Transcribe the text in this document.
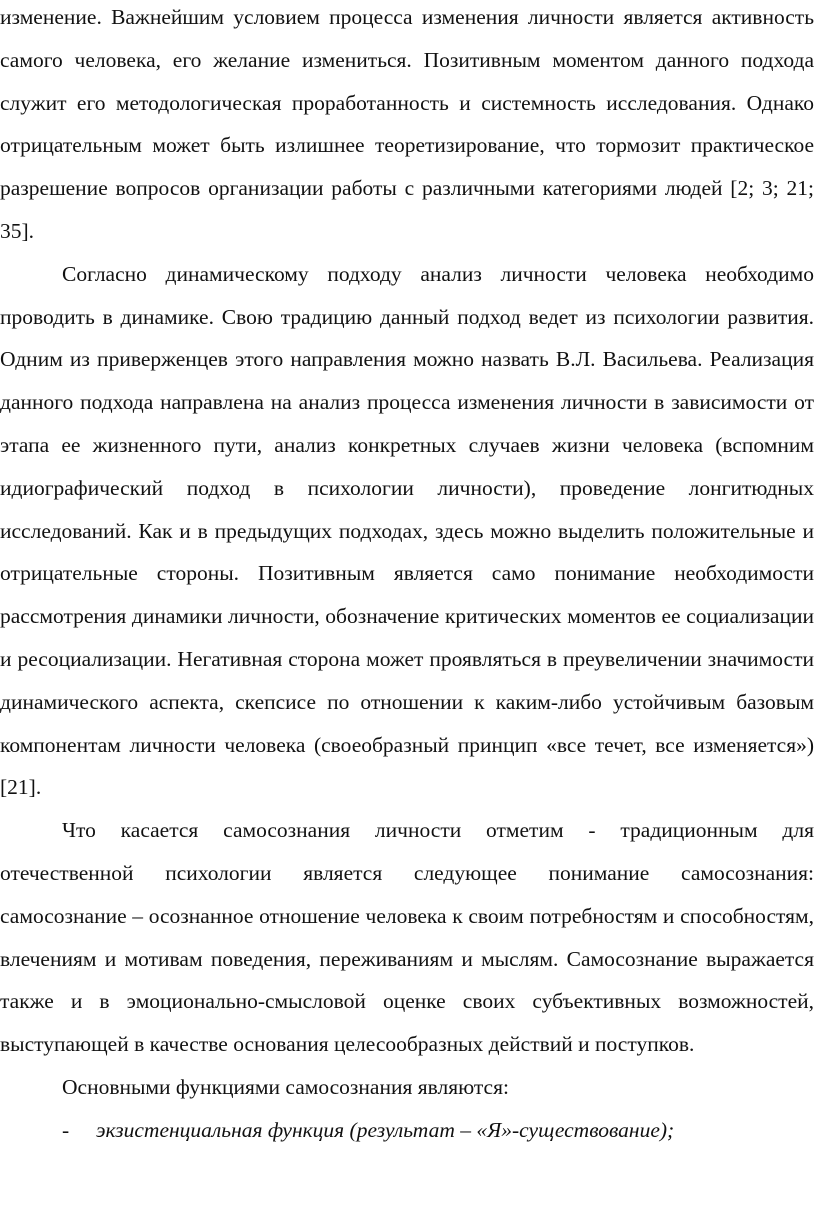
изменение. Важнейшим условием процесса изменения личности является активность самого человека, его желание измениться. Позитивным моментом данного подхода служит его методологическая проработанность и системность исследования. Однако отрицательным может быть излишнее теоретизирование, что тормозит практическое разрешение вопросов организации работы с различными категориями людей [2; 3; 21; 35].

Согласно динамическому подходу анализ личности человека необходимо проводить в динамике. Свою традицию данный подход ведет из психологии развития. Одним из приверженцев этого направления можно назвать В.Л. Васильева. Реализация данного подхода направлена на анализ процесса изменения личности в зависимости от этапа ее жизненного пути, анализ конкретных случаев жизни человека (вспомним идиографический подход в психологии личности), проведение лонгитюдных исследований. Как и в предыдущих подходах, здесь можно выделить положительные и отрицательные стороны. Позитивным является само понимание необходимости рассмотрения динамики личности, обозначение критических моментов ее социализации и ресоциализации. Негативная сторона может проявляться в преувеличении значимости динамического аспекта, скепсисе по отношении к каким-либо устойчивым базовым компонентам личности человека (своеобразный принцип «все течет, все изменяется») [21].

Что касается самосознания личности отметим - традиционным для отечественной психологии является следующее понимание самосознания: самосознание – осознанное отношение человека к своим потребностям и способностям, влечениям и мотивам поведения, переживаниям и мыслям. Самосознание выражается также и в эмоционально-смысловой оценке своих субъективных возможностей, выступающей в качестве основания целесообразных действий и поступков.

Основными функциями самосознания являются:

- экзистенциальная функция (результат – «Я»-существование);
